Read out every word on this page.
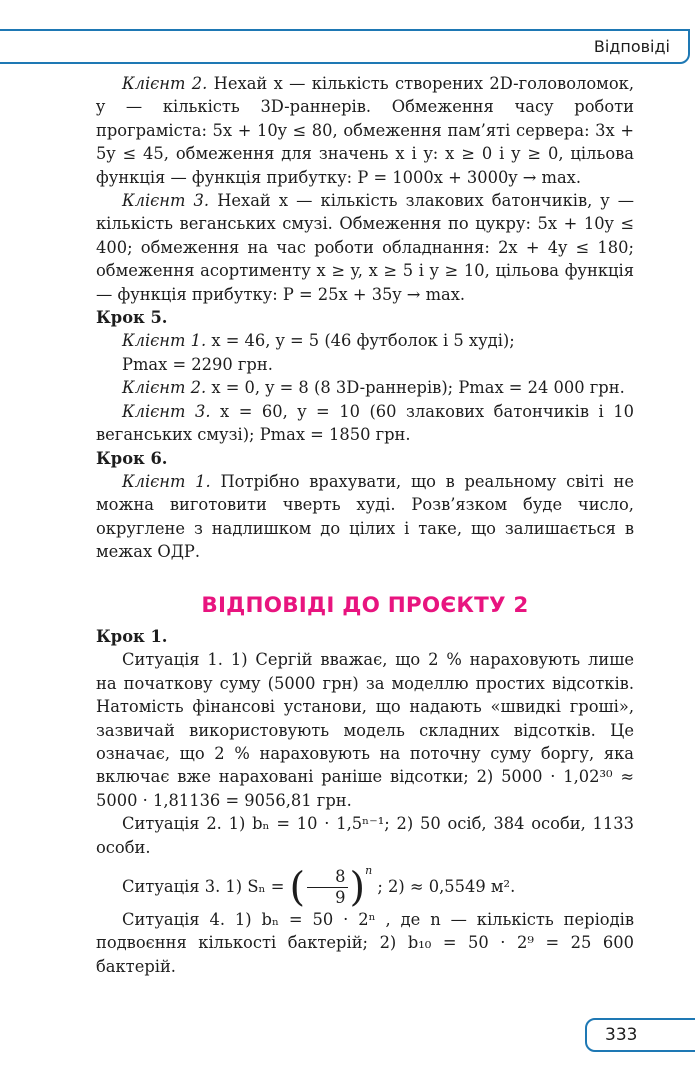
Відповіді

Клієнт 2. Нехай x — кількість створених 2D-головоломок, y — кількість 3D-раннерів. Обмеження часу роботи програміста: 5x + 10y ≤ 80, обмеження пам’яті сервера: 3x + 5y ≤ 45, обмеження для значень x і y: x ≥ 0 і y ≥ 0, цільова функція — функція прибутку: P = 1000x + 3000y → max.

Клієнт 3. Нехай x — кількість злакових батончиків, y — кількість веганських смузі. Обмеження по цукру: 5x + 10y ≤ 400; обмеження на час роботи обладнання: 2x + 4y ≤ 180; обмеження асортименту x ≥ y, x ≥ 5 і y ≥ 10, цільова функція — функція прибутку: P = 25x + 35y → max.

Крок 5.

Клієнт 1. x = 46, y = 5 (46 футболок і 5 худі);

Pmax = 2290 грн.

Клієнт 2. x = 0, y = 8 (8 3D-раннерів); Pmax = 24 000 грн.

Клієнт 3. x = 60, y = 10 (60 злакових батончиків і 10 веганських смузі); Pmax = 1850 грн.

Крок 6.

Клієнт 1. Потрібно врахувати, що в реальному світі не можна виготовити чверть худі. Розв’язком буде число, округлене з надлишком до цілих і таке, що залишається в межах ОДР.

ВІДПОВІДІ ДО ПРОЄКТУ 2

Крок 1.

Ситуація 1. 1) Сергій вважає, що 2 % нараховують лише на початкову суму (5000 грн) за моделлю простих відсотків. Натомість фінансові установи, що надають «швидкі гроші», зазвичай використовують модель складних відсотків. Це означає, що 2 % нараховують на поточну суму боргу, яка включає вже нараховані раніше відсотки; 2) 5000 · 1,02³⁰ ≈ 5000 · 1,81136 = 9056,81 грн.

Ситуація 2. 1) bₙ = 10 · 1,5ⁿ⁻¹; 2) 50 осіб, 384 особи, 1133 особи.

Ситуація 3. 1) Sₙ = ( $\frac{8}{9} )^n$ ; 2) ≈ 0,5549 м².

Ситуація 4. 1) bₙ = 50 · 2ⁿ , де n — кількість періодів подвоєння кількості бактерій; 2) b₁₀ = 50 · 2⁹ = 25 600 бактерій.

333
